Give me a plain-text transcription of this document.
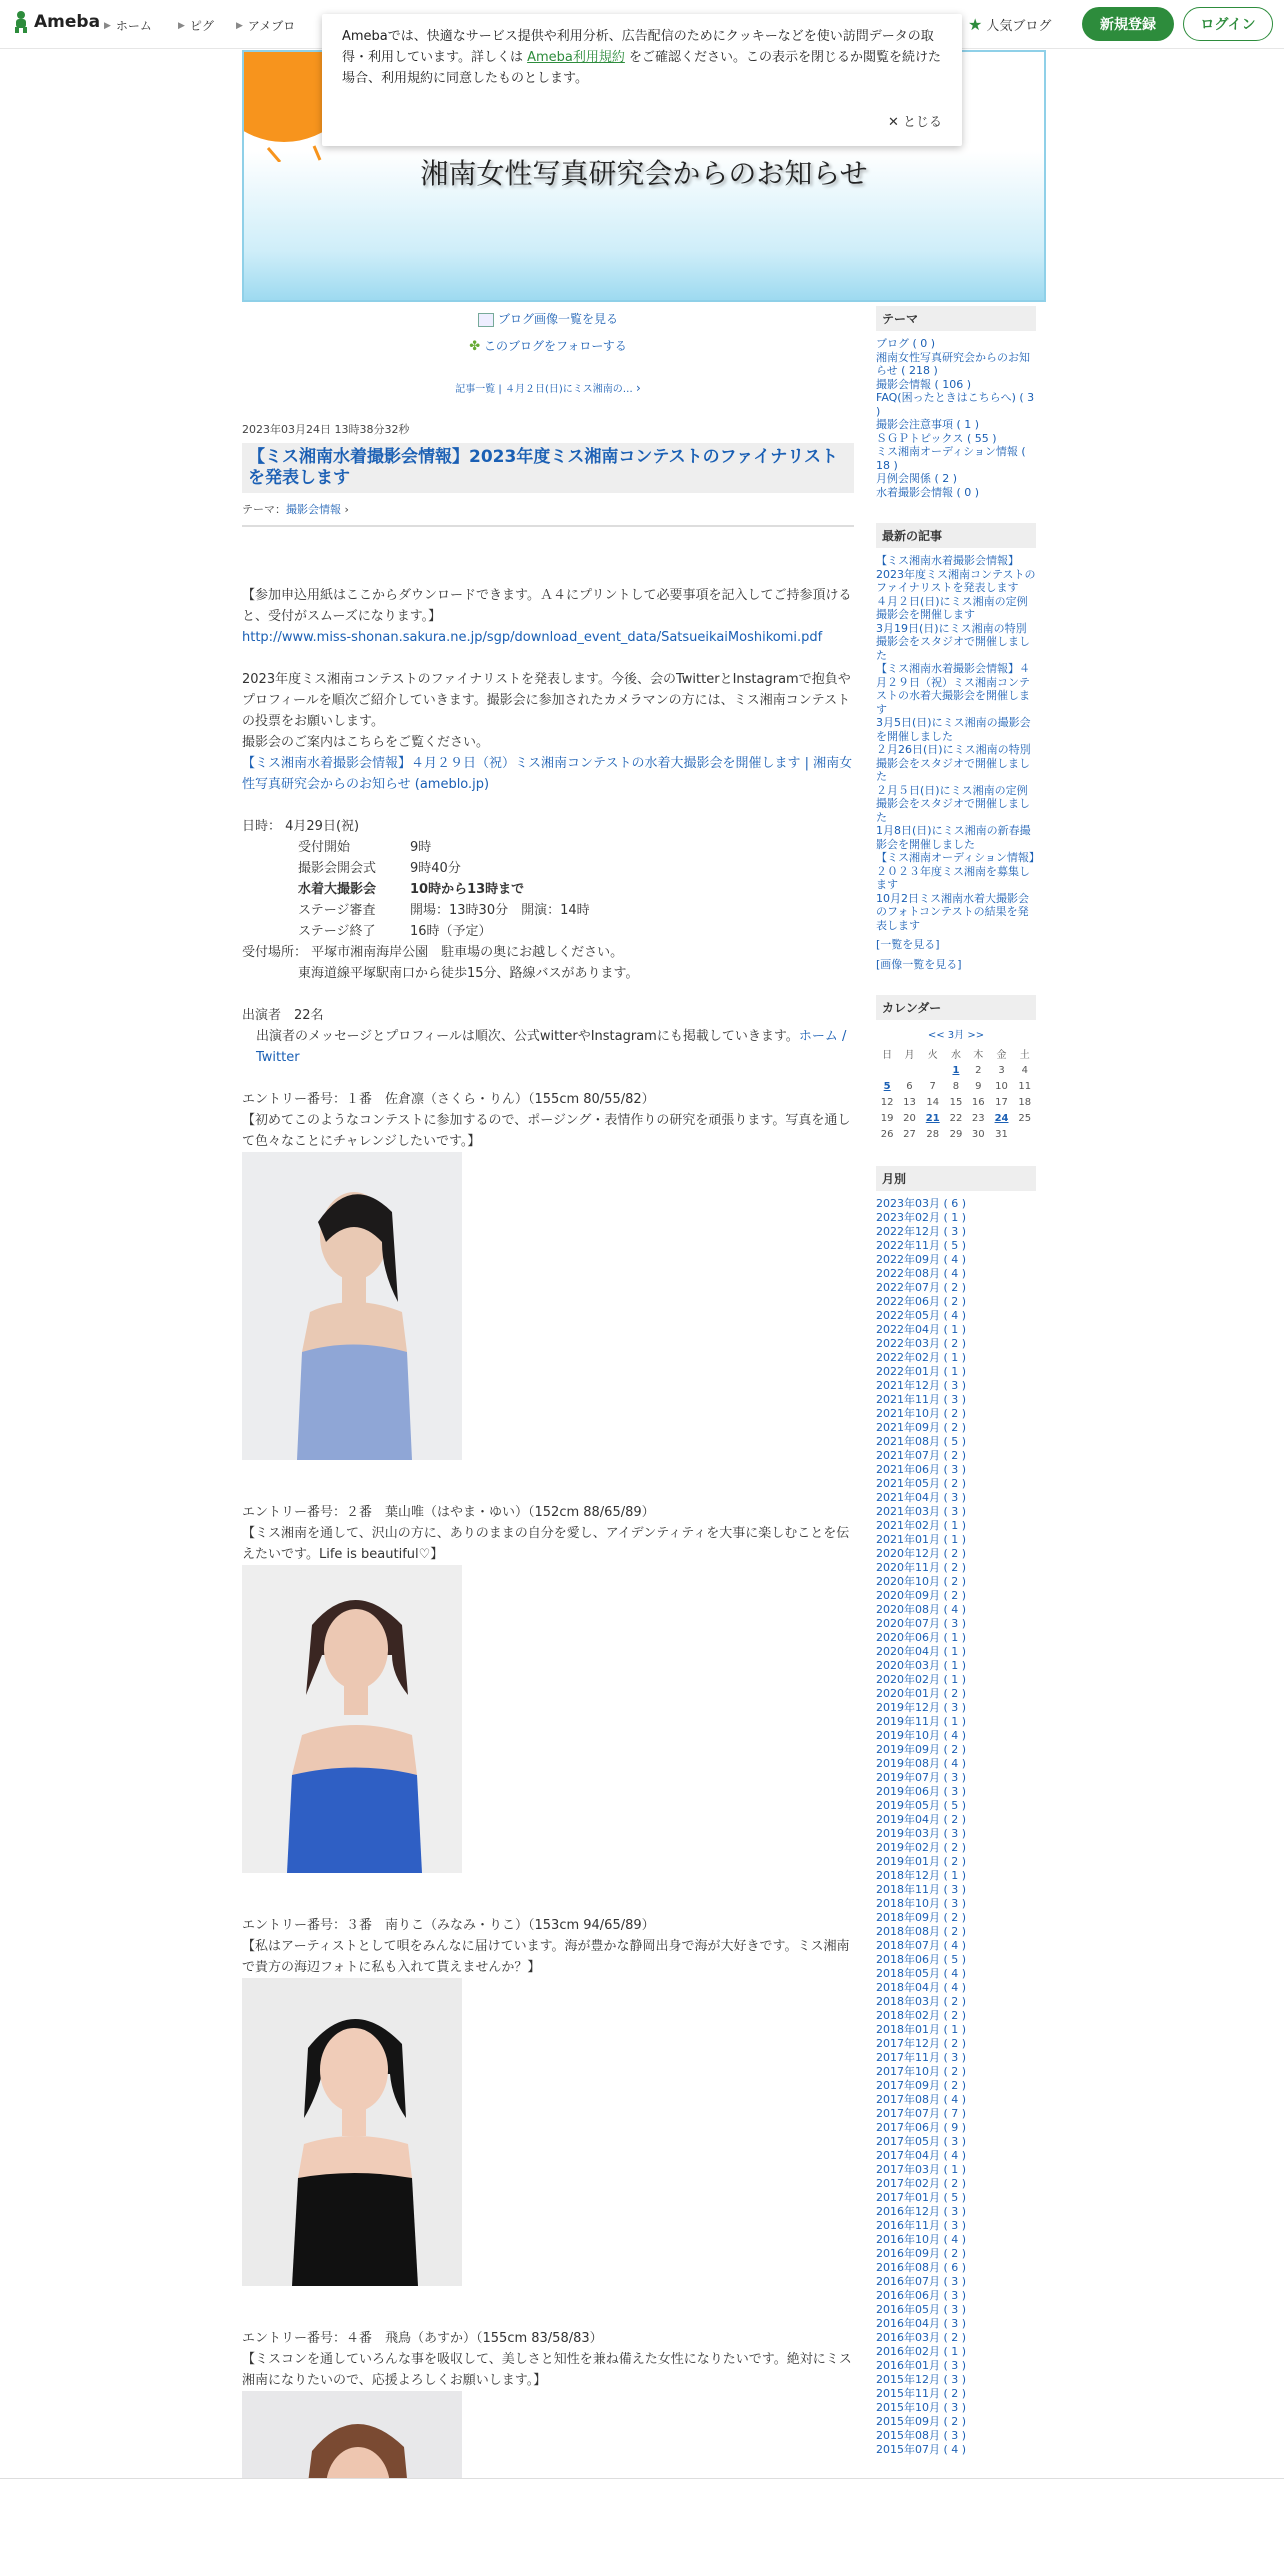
Ameba ▶ ホーム	▶ ピグ ▶ アメブロ	★ 人気ブログ	新規登録	ログイン
Amebaでは、快適なサービス提供や利用分析、広告配信のためにクッキーなどを使い訪問データの取得・利用しています。詳しくは Ameba利用規約 をご確認ください。この表示を閉じるか閲覧を続けた場合、利用規約に同意したものとします。
✕ とじる
湘南女性写真研究会からのお知らせ
ブログ画像一覧を見る
✤ このブログをフォローする
記事一覧 | ４月２日(日)にミス湘南の… ›
2023年03月24日 13時38分32秒
【ミス湘南水着撮影会情報】2023年度ミス湘南コンテストのファイナリストを発表します
テーマ：撮影会情報 ›

【参加申込用紙はここからダウンロードできます。Ａ４にプリントして必要事項を記入してご持参頂けると、受付がスムーズになります。】

http://www.miss-shonan.sakura.ne.jp/sgp/download_event_data/SatsueikaiMoshikomi.pdf

2023年度ミス湘南コンテストのファイナリストを発表します。今後、会のTwitterとInstagramで抱負やプロフィールを順次ご紹介していきます。撮影会に参加されたカメラマンの方には、ミス湘南コンテストの投票をお願いします。

撮影会のご案内はこちらをご覧ください。

【ミス湘南水着撮影会情報】４月２９日（祝）ミス湘南コンテストの水着大撮影会を開催します | 湘南女性写真研究会からのお知らせ (ameblo.jp)

日時： 4月29日(祝)

受付開始	9時
撮影会開会式	9時40分
水着大撮影会	10時から13時まで
ステージ審査	開場：13時30分　開演：14時
ステージ終了	16時（予定）

受付場所： 平塚市湘南海岸公園　駐車場の奥にお越しください。

東海道線平塚駅南口から徒歩15分、路線バスがあります。

出演者　22名

出演者のメッセージとプロフィールは順次、公式witterやInstagramにも掲載していきます。ホーム / Twitter

エントリー番号：１番　佐倉凛（さくら・りん）（155cm 80/55/82）

【初めてこのようなコンテストに参加するので、ポージング・表情作りの研究を頑張ります。写真を通して色々なことにチャレンジしたいです。】

エントリー番号：２番　葉山唯（はやま・ゆい）（152cm 88/65/89）

【ミス湘南を通して、沢山の方に、ありのままの自分を愛し、アイデンティティを大事に楽しむことを伝えたいです。Life is beautiful♡】

エントリー番号：３番　南りこ（みなみ・りこ）（153cm 94/65/89）

【私はアーティストとして唄をみんなに届けています。海が豊かな静岡出身で海が大好きです。ミス湘南で貴方の海辺フォトに私も入れて貰えませんか？】

エントリー番号：４番　飛鳥（あすか）（155cm 83/58/83）

【ミスコンを通していろんな事を吸収して、美しさと知性を兼ね備えた女性になりたいです。絶対にミス湘南になりたいので、応援よろしくお願いします。】

テーマ
ブログ ( 0 )
湘南女性写真研究会からのお知らせ ( 218 )
撮影会情報 ( 106 )
FAQ(困ったときはこちらへ) ( 3 )
撮影会注意事項 ( 1 )
ＳＧＰトピックス ( 55 )
ミス湘南オーディション情報 ( 18 )
月例会関係 ( 2 )
水着撮影会情報 ( 0 )
最新の記事
【ミス湘南水着撮影会情報】2023年度ミス湘南コンテストのファイナリストを発表します
４月２日(日)にミス湘南の定例撮影会を開催します
3月19日(日)にミス湘南の特別撮影会をスタジオで開催しました
【ミス湘南水着撮影会情報】４月２９日（祝）ミス湘南コンテストの水着大撮影会を開催します
3月5日(日)にミス湘南の撮影会を開催しました
２月26日(日)にミス湘南の特別撮影会をスタジオで開催しました
２月５日(日)にミス湘南の定例撮影会をスタジオで開催しました
1月8日(日)にミス湘南の新春撮影会を開催しました
【ミス湘南オーディション情報】２０２３年度ミス湘南を募集します
10月2日ミス湘南水着大撮影会のフォトコンテストの結果を発表します
[一覧を見る]
[画像一覧を見る]
カレンダー
<< 3月 >>
日	月	火	水	木	金	土
			1	2	3	4
5	6	7	8	9	10	11
12	13	14	15	16	17	18
19	20	21	22	23	24	25
26	27	28	29	30	31	
月別
2023年03月 ( 6 )
2023年02月 ( 1 )
2022年12月 ( 3 )
2022年11月 ( 5 )
2022年09月 ( 4 )
2022年08月 ( 4 )
2022年07月 ( 2 )
2022年06月 ( 2 )
2022年05月 ( 4 )
2022年04月 ( 1 )
2022年03月 ( 2 )
2022年02月 ( 1 )
2022年01月 ( 1 )
2021年12月 ( 3 )
2021年11月 ( 3 )
2021年10月 ( 2 )
2021年09月 ( 2 )
2021年08月 ( 5 )
2021年07月 ( 2 )
2021年06月 ( 3 )
2021年05月 ( 2 )
2021年04月 ( 3 )
2021年03月 ( 3 )
2021年02月 ( 1 )
2021年01月 ( 1 )
2020年12月 ( 2 )
2020年11月 ( 2 )
2020年10月 ( 2 )
2020年09月 ( 2 )
2020年08月 ( 4 )
2020年07月 ( 3 )
2020年06月 ( 1 )
2020年04月 ( 1 )
2020年03月 ( 1 )
2020年02月 ( 1 )
2020年01月 ( 2 )
2019年12月 ( 3 )
2019年11月 ( 1 )
2019年10月 ( 4 )
2019年09月 ( 2 )
2019年08月 ( 4 )
2019年07月 ( 3 )
2019年06月 ( 3 )
2019年05月 ( 5 )
2019年04月 ( 2 )
2019年03月 ( 3 )
2019年02月 ( 2 )
2019年01月 ( 2 )
2018年12月 ( 1 )
2018年11月 ( 3 )
2018年10月 ( 3 )
2018年09月 ( 2 )
2018年08月 ( 2 )
2018年07月 ( 4 )
2018年06月 ( 5 )
2018年05月 ( 4 )
2018年04月 ( 4 )
2018年03月 ( 2 )
2018年02月 ( 2 )
2018年01月 ( 1 )
2017年12月 ( 2 )
2017年11月 ( 3 )
2017年10月 ( 2 )
2017年09月 ( 2 )
2017年08月 ( 4 )
2017年07月 ( 7 )
2017年06月 ( 9 )
2017年05月 ( 3 )
2017年04月 ( 4 )
2017年03月 ( 1 )
2017年02月 ( 2 )
2017年01月 ( 5 )
2016年12月 ( 3 )
2016年11月 ( 3 )
2016年10月 ( 4 )
2016年09月 ( 2 )
2016年08月 ( 6 )
2016年07月 ( 3 )
2016年06月 ( 3 )
2016年05月 ( 3 )
2016年04月 ( 3 )
2016年03月 ( 2 )
2016年02月 ( 1 )
2016年01月 ( 3 )
2015年12月 ( 3 )
2015年11月 ( 2 )
2015年10月 ( 3 )
2015年09月 ( 2 )
2015年08月 ( 3 )
2015年07月 ( 4 )
